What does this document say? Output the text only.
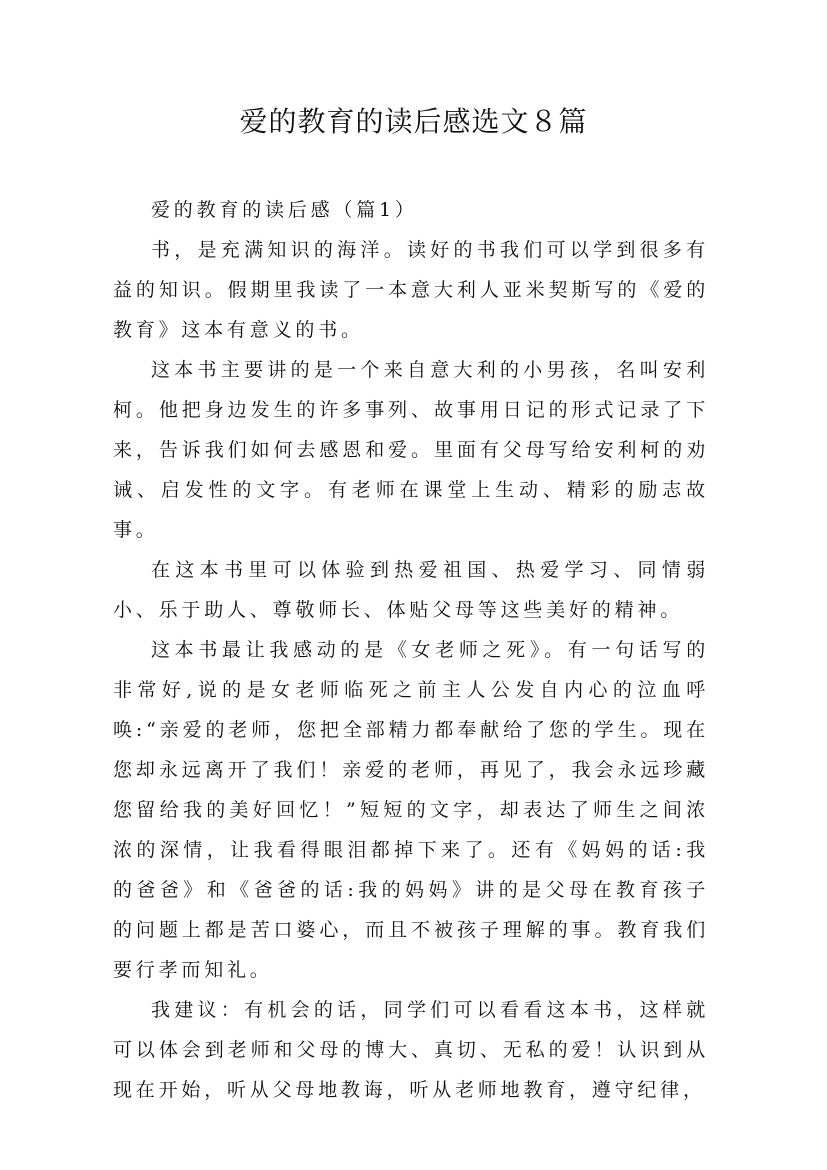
爱的教育的读后感选文８篇

爱的教育的读后感（篇1）

书，是充满知识的海洋。读好的书我们可以学到很多有益的知识。假期里我读了一本意大利人亚米契斯写的《爱的教育》这本有意义的书。

这本书主要讲的是一个来自意大利的小男孩，名叫安利柯。他把身边发生的许多事列、故事用日记的形式记录了下来，告诉我们如何去感恩和爱。里面有父母写给安利柯的劝诫、启发性的文字。有老师在课堂上生动、精彩的励志故事。

在这本书里可以体验到热爱祖国、热爱学习、同情弱小、乐于助人、尊敬师长、体贴父母等这些美好的精神。

这本书最让我感动的是《女老师之死》。有一句话写的非常好,说的是女老师临死之前主人公发自内心的泣血呼唤:“亲爱的老师，您把全部精力都奉献给了您的学生。现在您却永远离开了我们！亲爱的老师，再见了，我会永远珍藏您留给我的美好回忆！”短短的文字，却表达了师生之间浓浓的深情，让我看得眼泪都掉下来了。还有《妈妈的话:我的爸爸》和《爸爸的话:我的妈妈》讲的是父母在教育孩子的问题上都是苦口婆心，而且不被孩子理解的事。教育我们要行孝而知礼。

我建议：有机会的话，同学们可以看看这本书，这样就可以体会到老师和父母的博大、真切、无私的爱！认识到从现在开始，听从父母地教诲，听从老师地教育，遵守纪律，
